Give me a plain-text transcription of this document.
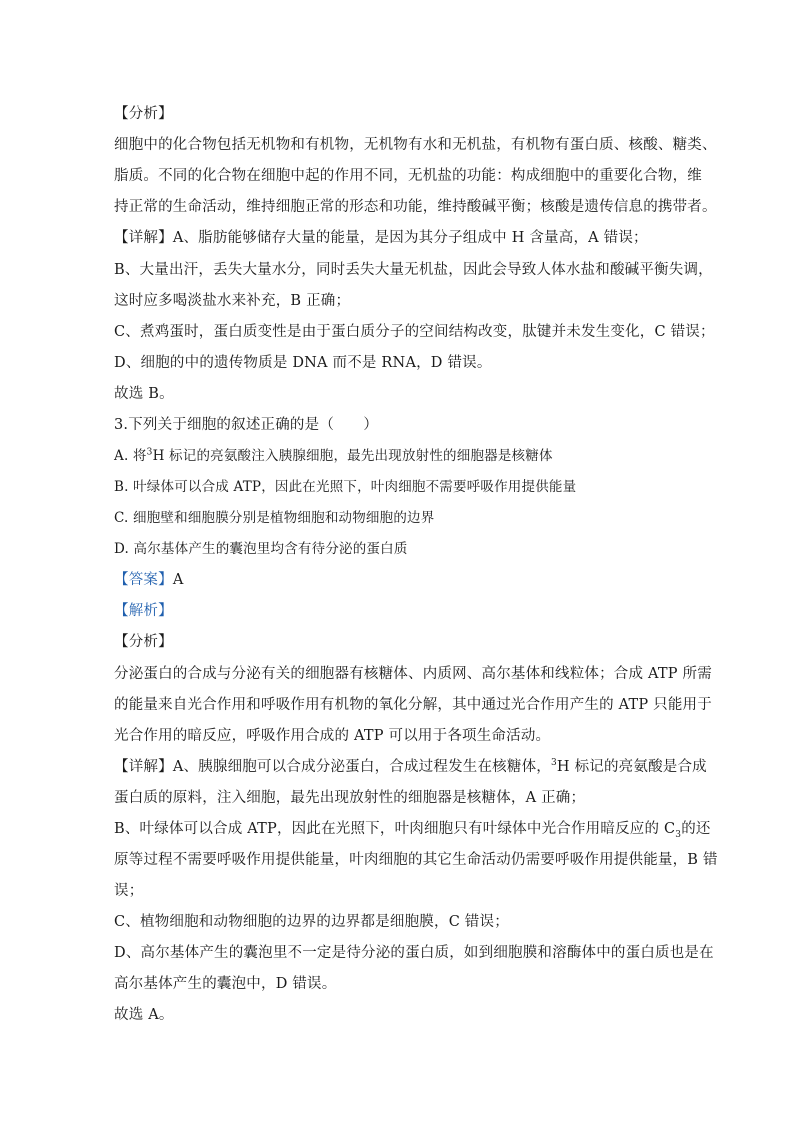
【分析】
细胞中的化合物包括无机物和有机物，无机物有水和无机盐，有机物有蛋白质、核酸、糖类、
脂质。不同的化合物在细胞中起的作用不同，无机盐的功能：构成细胞中的重要化合物，维
持正常的生命活动，维持细胞正常的形态和功能，维持酸碱平衡；核酸是遗传信息的携带者。
【详解】A、脂肪能够储存大量的能量，是因为其分子组成中 H 含量高，A 错误；
B、大量出汗，丢失大量水分，同时丢失大量无机盐，因此会导致人体水盐和酸碱平衡失调，
这时应多喝淡盐水来补充，B 正确；
C、煮鸡蛋时，蛋白质变性是由于蛋白质分子的空间结构改变，肽键并未发生变化，C 错误；
D、细胞的中的遗传物质是 DNA 而不是 RNA，D 错误。
故选 B。
3.下列关于细胞的叙述正确的是（　　）
A. 将$^3$H 标记的亮氨酸注入胰腺细胞，最先出现放射性的细胞器是核糖体
B. 叶绿体可以合成 ATP，因此在光照下，叶肉细胞不需要呼吸作用提供能量
C. 细胞壁和细胞膜分别是植物细胞和动物细胞的边界
D. 高尔基体产生的囊泡里均含有待分泌的蛋白质
【答案】A
【解析】
【分析】
分泌蛋白的合成与分泌有关的细胞器有核糖体、内质网、高尔基体和线粒体；合成 ATP 所需
的能量来自光合作用和呼吸作用有机物的氧化分解，其中通过光合作用产生的 ATP 只能用于
光合作用的暗反应，呼吸作用合成的 ATP 可以用于各项生命活动。
【详解】A、胰腺细胞可以合成分泌蛋白，合成过程发生在核糖体，$^3$H 标记的亮氨酸是合成
蛋白质的原料，注入细胞，最先出现放射性的细胞器是核糖体，A 正确；
B、叶绿体可以合成 ATP，因此在光照下，叶肉细胞只有叶绿体中光合作用暗反应的 $C_3$的还
原等过程不需要呼吸作用提供能量，叶肉细胞的其它生命活动仍需要呼吸作用提供能量，B 错
误；
C、植物细胞和动物细胞的边界的边界都是细胞膜，C 错误；
D、高尔基体产生的囊泡里不一定是待分泌的蛋白质，如到细胞膜和溶酶体中的蛋白质也是在
高尔基体产生的囊泡中，D 错误。
故选 A。
